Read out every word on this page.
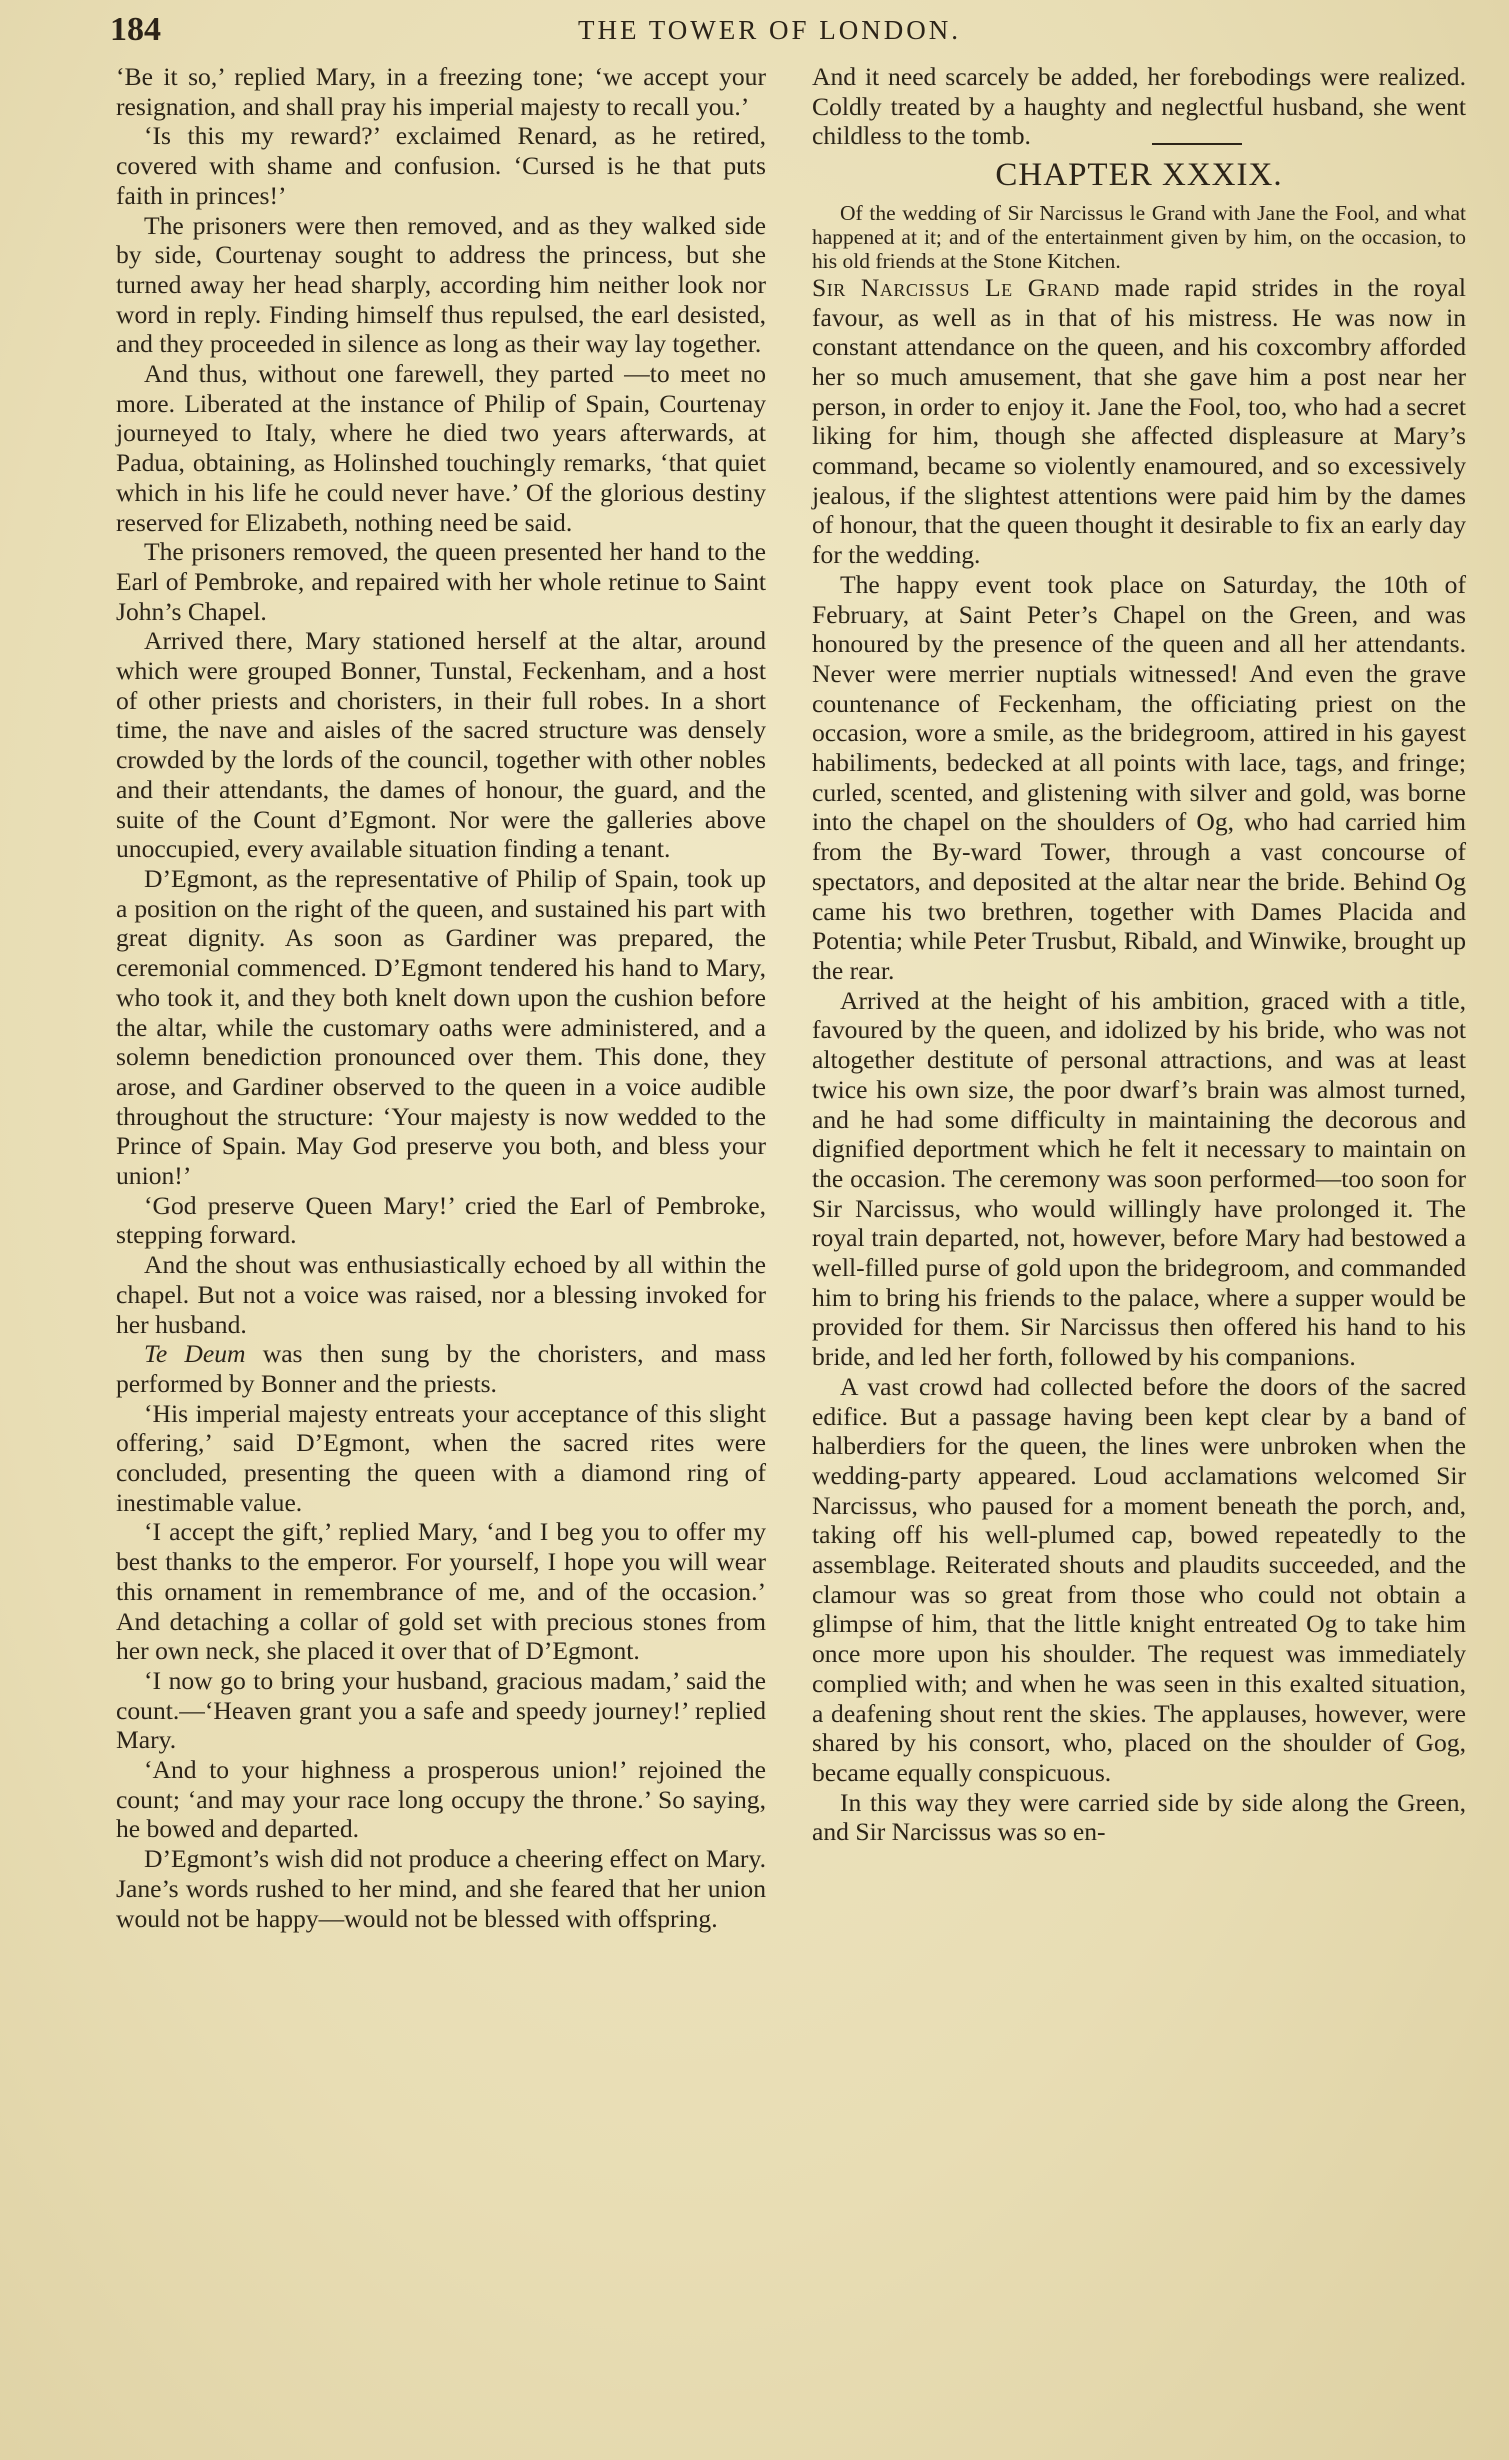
184	THE TOWER OF LONDON.

‘Be it so,’ replied Mary, in a freezing tone; ‘we accept your resignation, and shall pray his imperial majesty to recall you.’

‘Is this my reward?’ exclaimed Renard, as he retired, covered with shame and confusion. ‘Cursed is he that puts faith in princes!’

The prisoners were then removed, and as they walked side by side, Courtenay sought to address the princess, but she turned away her head sharply, according him neither look nor word in reply. Finding himself thus repulsed, the earl desisted, and they proceeded in silence as long as their way lay together.

And thus, without one farewell, they parted —to meet no more. Liberated at the instance of Philip of Spain, Courtenay journeyed to Italy, where he died two years afterwards, at Padua, obtaining, as Holinshed touchingly remarks, ‘that quiet which in his life he could never have.’ Of the glorious destiny reserved for Elizabeth, nothing need be said.

The prisoners removed, the queen presented her hand to the Earl of Pembroke, and repaired with her whole retinue to Saint John’s Chapel.

Arrived there, Mary stationed herself at the altar, around which were grouped Bonner, Tunstal, Feckenham, and a host of other priests and choristers, in their full robes. In a short time, the nave and aisles of the sacred structure was densely crowded by the lords of the council, together with other nobles and their attendants, the dames of honour, the guard, and the suite of the Count d’Egmont. Nor were the galleries above unoccupied, every available situation finding a tenant.

D’Egmont, as the representative of Philip of Spain, took up a position on the right of the queen, and sustained his part with great dignity. As soon as Gardiner was prepared, the ceremonial commenced. D’Egmont tendered his hand to Mary, who took it, and they both knelt down upon the cushion before the altar, while the customary oaths were administered, and a solemn benediction pronounced over them. This done, they arose, and Gardiner observed to the queen in a voice audible throughout the structure: ‘Your majesty is now wedded to the Prince of Spain. May God preserve you both, and bless your union!’

‘God preserve Queen Mary!’ cried the Earl of Pembroke, stepping forward.

And the shout was enthusiastically echoed by all within the chapel. But not a voice was raised, nor a blessing invoked for her husband.

Te Deum was then sung by the choristers, and mass performed by Bonner and the priests.

‘His imperial majesty entreats your acceptance of this slight offering,’ said D’Egmont, when the sacred rites were concluded, presenting the queen with a diamond ring of inestimable value.

‘I accept the gift,’ replied Mary, ‘and I beg you to offer my best thanks to the emperor. For yourself, I hope you will wear this ornament in remembrance of me, and of the occasion.’ And detaching a collar of gold set with precious stones from her own neck, she placed it over that of D’Egmont.

‘I now go to bring your husband, gracious madam,’ said the count.—‘Heaven grant you a safe and speedy journey!’ replied Mary.

‘And to your highness a prosperous union!’ rejoined the count; ‘and may your race long occupy the throne.’ So saying, he bowed and departed.

D’Egmont’s wish did not produce a cheering effect on Mary. Jane’s words rushed to her mind, and she feared that her union would not be happy—would not be blessed with offspring.

And it need scarcely be added, her forebodings were realized. Coldly treated by a haughty and neglectful husband, she went childless to the tomb.

CHAPTER XXXIX.

Of the wedding of Sir Narcissus le Grand with Jane the Fool, and what happened at it; and of the entertainment given by him, on the occasion, to his old friends at the Stone Kitchen.

Sir Narcissus Le Grand made rapid strides in the royal favour, as well as in that of his mistress. He was now in constant attendance on the queen, and his coxcombry afforded her so much amusement, that she gave him a post near her person, in order to enjoy it. Jane the Fool, too, who had a secret liking for him, though she affected displeasure at Mary’s command, became so violently enamoured, and so excessively jealous, if the slightest attentions were paid him by the dames of honour, that the queen thought it desirable to fix an early day for the wedding.

The happy event took place on Saturday, the 10th of February, at Saint Peter’s Chapel on the Green, and was honoured by the presence of the queen and all her attendants. Never were merrier nuptials witnessed! And even the grave countenance of Feckenham, the officiating priest on the occasion, wore a smile, as the bridegroom, attired in his gayest habiliments, bedecked at all points with lace, tags, and fringe; curled, scented, and glistening with silver and gold, was borne into the chapel on the shoulders of Og, who had carried him from the By-ward Tower, through a vast concourse of spectators, and deposited at the altar near the bride. Behind Og came his two brethren, together with Dames Placida and Potentia; while Peter Trusbut, Ribald, and Winwike, brought up the rear.

Arrived at the height of his ambition, graced with a title, favoured by the queen, and idolized by his bride, who was not altogether destitute of personal attractions, and was at least twice his own size, the poor dwarf’s brain was almost turned, and he had some difficulty in maintaining the decorous and dignified deportment which he felt it necessary to maintain on the occasion. The ceremony was soon performed—too soon for Sir Narcissus, who would willingly have prolonged it. The royal train departed, not, however, before Mary had bestowed a well-filled purse of gold upon the bridegroom, and commanded him to bring his friends to the palace, where a supper would be provided for them. Sir Narcissus then offered his hand to his bride, and led her forth, followed by his companions.

A vast crowd had collected before the doors of the sacred edifice. But a passage having been kept clear by a band of halberdiers for the queen, the lines were unbroken when the wedding-party appeared. Loud acclamations welcomed Sir Narcissus, who paused for a moment beneath the porch, and, taking off his well-plumed cap, bowed repeatedly to the assemblage. Reiterated shouts and plaudits succeeded, and the clamour was so great from those who could not obtain a glimpse of him, that the little knight entreated Og to take him once more upon his shoulder. The request was immediately complied with; and when he was seen in this exalted situation, a deafening shout rent the skies. The applauses, however, were shared by his consort, who, placed on the shoulder of Gog, became equally conspicuous.

In this way they were carried side by side along the Green, and Sir Narcissus was so en-
